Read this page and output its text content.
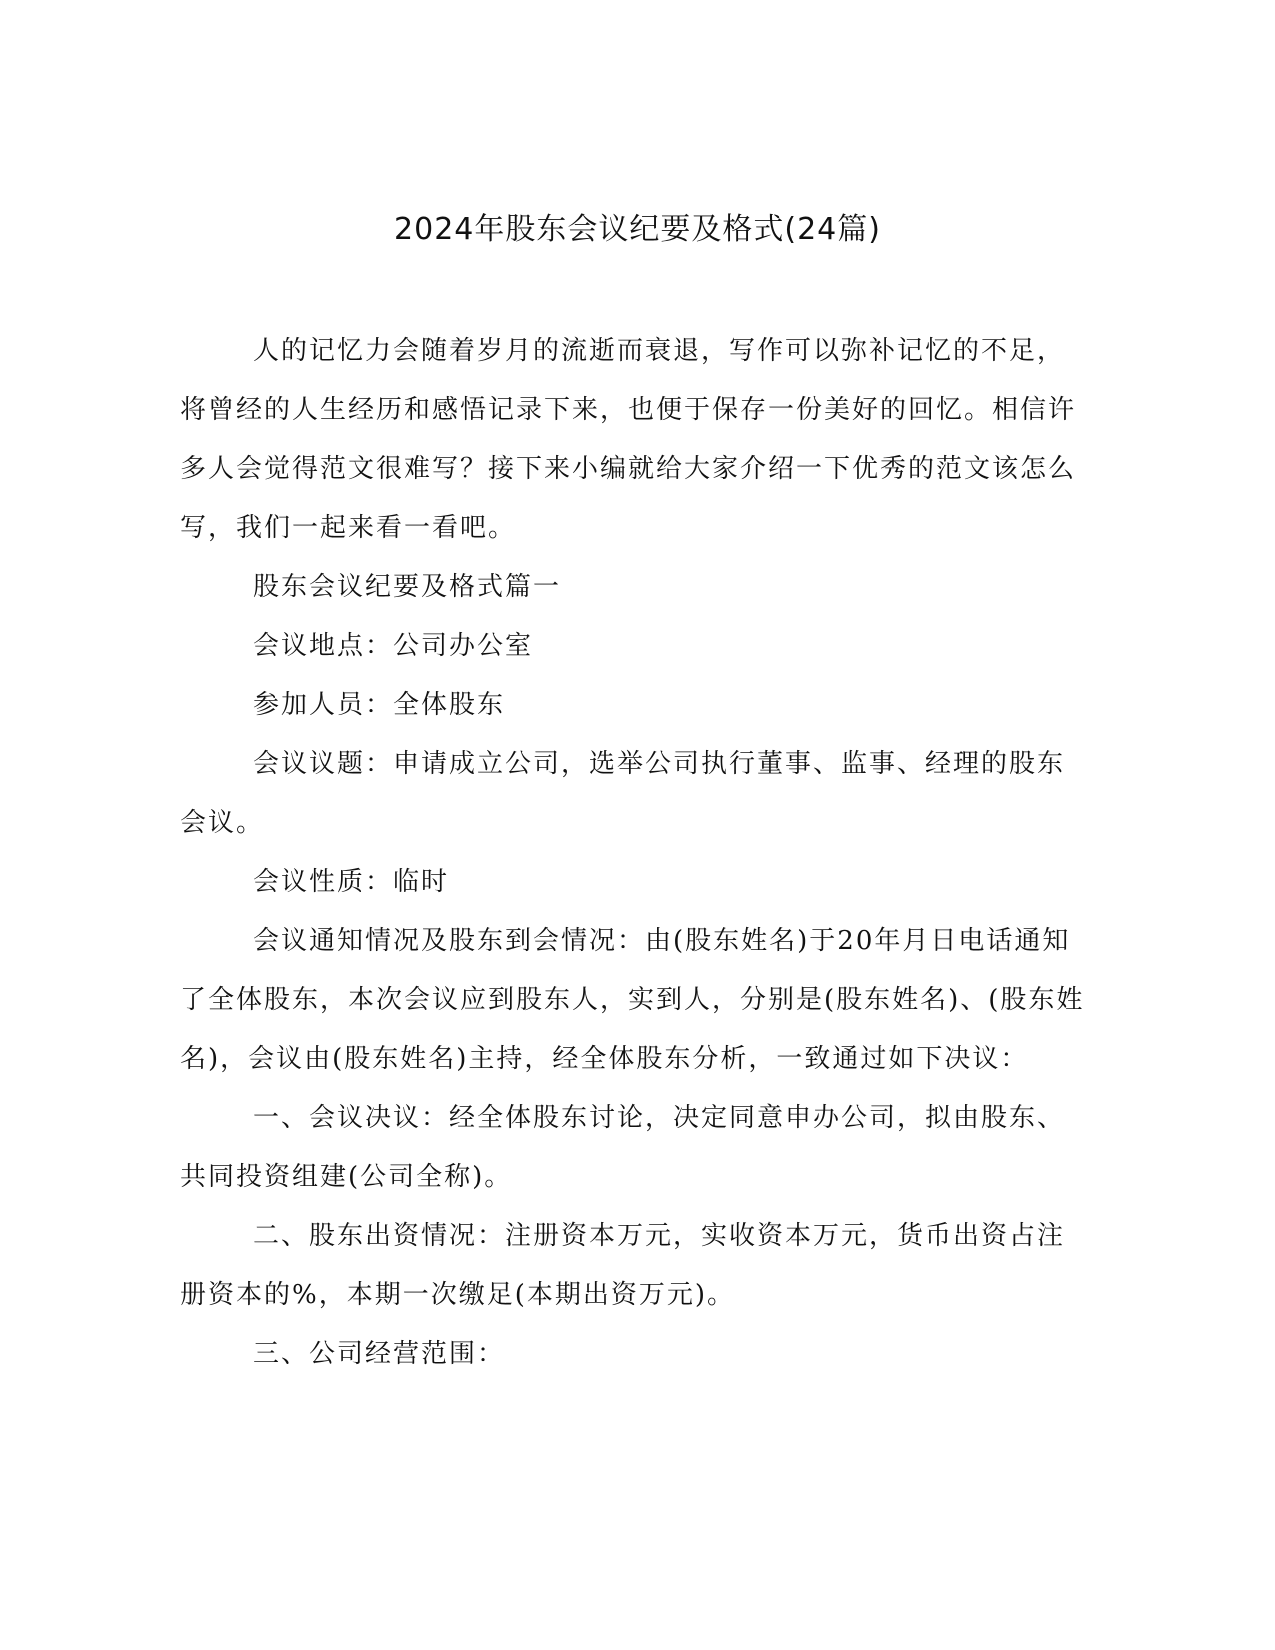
2024年股东会议纪要及格式(24篇)

人的记忆力会随着岁月的流逝而衰退，写作可以弥补记忆的不足，将曾经的人生经历和感悟记录下来，也便于保存一份美好的回忆。相信许多人会觉得范文很难写？接下来小编就给大家介绍一下优秀的范文该怎么写，我们一起来看一看吧。

股东会议纪要及格式篇一

会议地点：公司办公室

参加人员：全体股东

会议议题：申请成立公司，选举公司执行董事、监事、经理的股东会议。

会议性质：临时

会议通知情况及股东到会情况：由(股东姓名)于20年月日电话通知了全体股东，本次会议应到股东人，实到人，分别是(股东姓名)、(股东姓名)，会议由(股东姓名)主持，经全体股东分析，一致通过如下决议：

一、会议决议：经全体股东讨论，决定同意申办公司，拟由股东、共同投资组建(公司全称)。

二、股东出资情况：注册资本万元，实收资本万元，货币出资占注册资本的%，本期一次缴足(本期出资万元)。

三、公司经营范围：
